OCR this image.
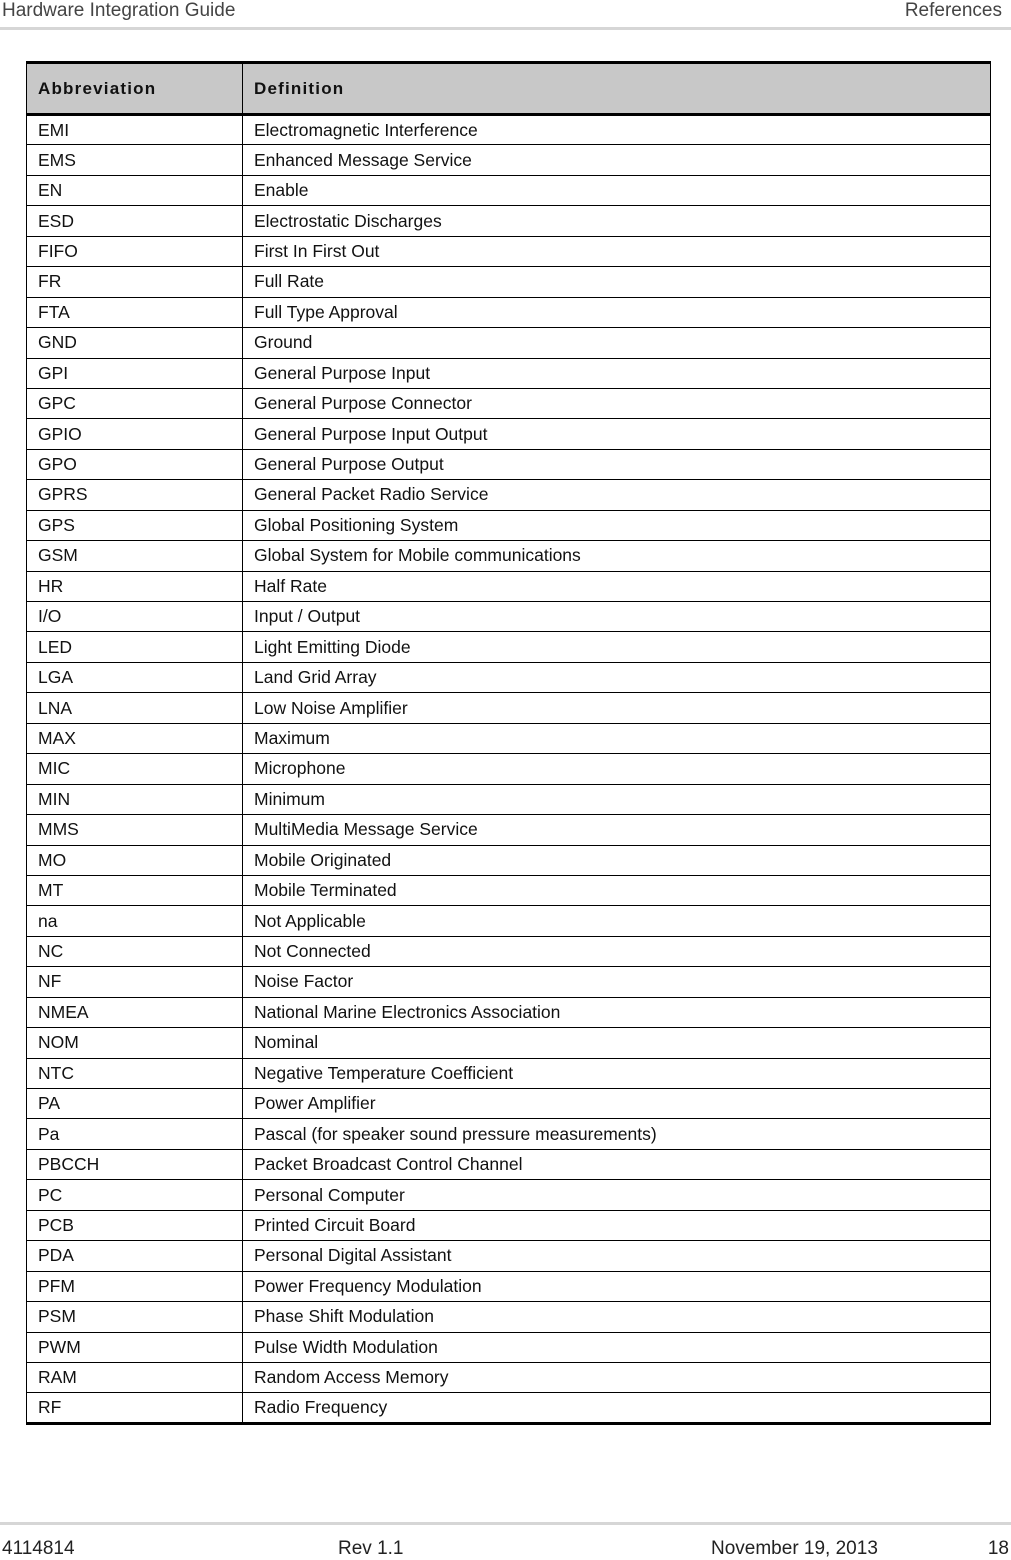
Hardware Integration Guide	References
Abbreviation	Definition
EMI	Electromagnetic Interference
EMS	Enhanced Message Service
EN	Enable
ESD	Electrostatic Discharges
FIFO	First In First Out
FR	Full Rate
FTA	Full Type Approval
GND	Ground
GPI	General Purpose Input
GPC	General Purpose Connector
GPIO	General Purpose Input Output
GPO	General Purpose Output
GPRS	General Packet Radio Service
GPS	Global Positioning System
GSM	Global System for Mobile communications
HR	Half Rate
I/O	Input / Output
LED	Light Emitting Diode
LGA	Land Grid Array
LNA	Low Noise Amplifier
MAX	Maximum
MIC	Microphone
MIN	Minimum
MMS	MultiMedia Message Service
MO	Mobile Originated
MT	Mobile Terminated
na	Not Applicable
NC	Not Connected
NF	Noise Factor
NMEA	National Marine Electronics Association
NOM	Nominal
NTC	Negative Temperature Coefficient
PA	Power Amplifier
Pa	Pascal (for speaker sound pressure measurements)
PBCCH	Packet Broadcast Control Channel
PC	Personal Computer
PCB	Printed Circuit Board
PDA	Personal Digital Assistant
PFM	Power Frequency Modulation
PSM	Phase Shift Modulation
PWM	Pulse Width Modulation
RAM	Random Access Memory
RF	Radio Frequency
4114814	Rev 1.1	November 19, 2013	18
